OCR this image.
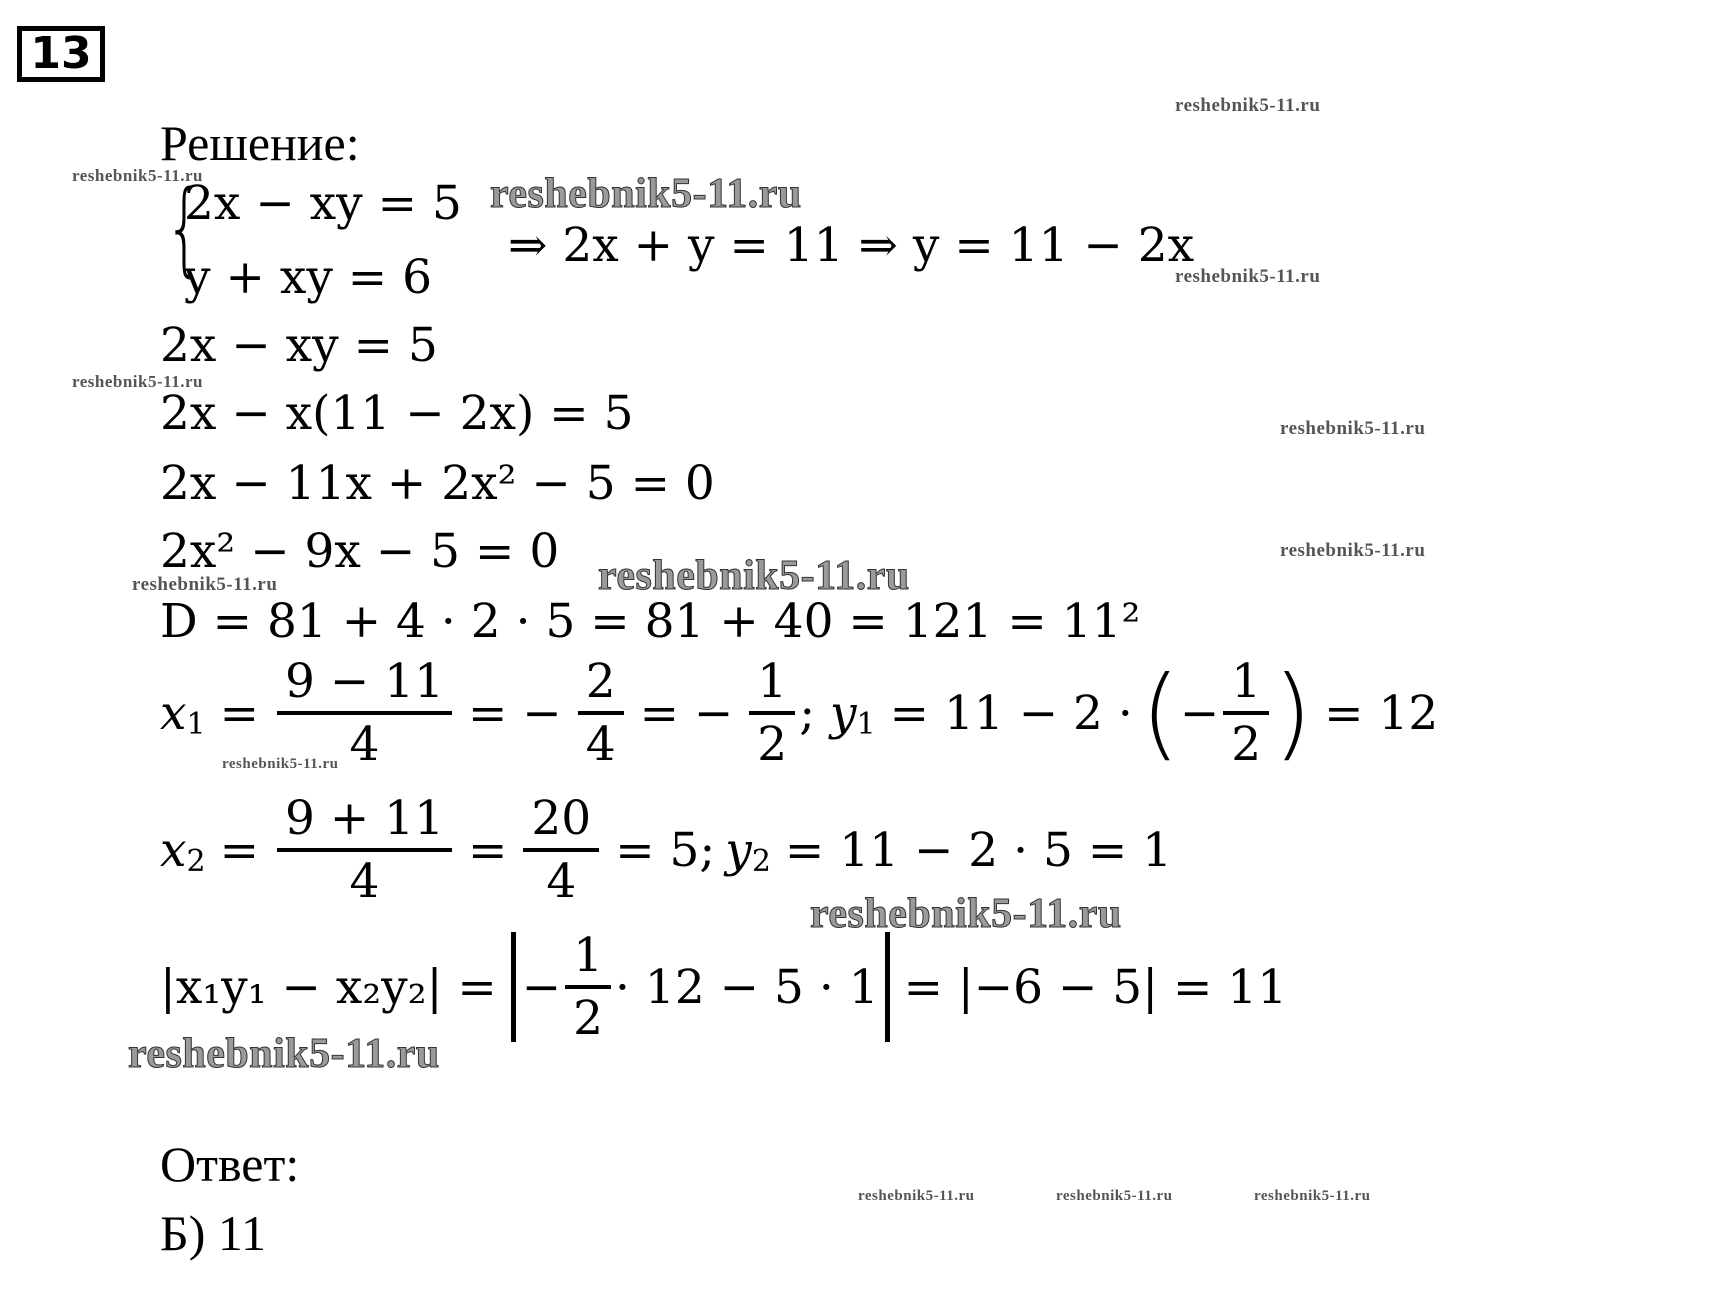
13
Решение:
{
2x − xy = 5
y + xy = 6
⇒ 2x + y = 11 ⇒ y = 11 − 2x
2x − xy = 5
2x − x(11 − 2x) = 5
2x − 11x + 2x² − 5 = 0
2x² − 9x − 5 = 0
D = 81 + 4 · 2 · 5 = 81 + 40 = 121 = 11²
x $1 = \frac{9 - 11}{4}$ = − $\frac{2}{4}$ = − $\frac{1}{2}$ ; y 1 = 11 − 2 · ( − $\frac{1}{2}$ ) = 12
x $2 = \frac{9 + 11}{4} = \frac{20}{4} = 5$; y 2 = 11 − 2 · 5 = 1
|x₁y₁ − x₂y₂| = − $\frac{1}{2} \cdot 12 - 5 \cdot 1 = |-6 - 5| = 11$
Ответ:
Б) 11
reshebnik5-11.ru
reshebnik5-11.ru	reshebnik5-11.ru
reshebnik5-11.ru
reshebnik5-11.ru
reshebnik5-11.ru
reshebnik5-11.ru
reshebnik5-11.ru
reshebnik5-11.ru
reshebnik5-11.ru
reshebnik5-11.ru
reshebnik5-11.ru
reshebnik5-11.ru	reshebnik5-11.ru	reshebnik5-11.ru
